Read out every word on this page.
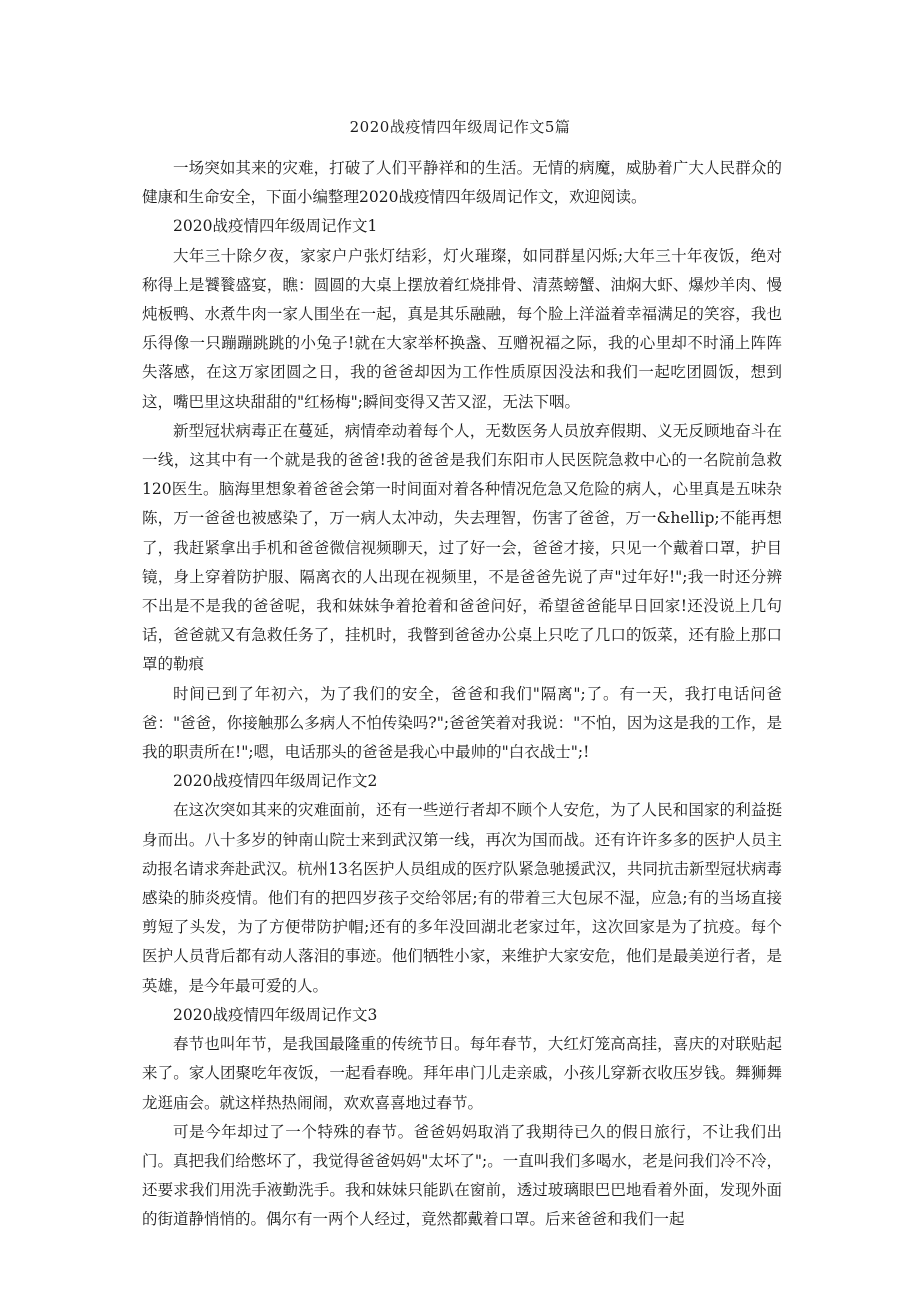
2020战疫情四年级周记作文5篇

一场突如其来的灾难，打破了人们平静祥和的生活。无情的病魔，威胁着广大人民群众的健康和生命安全，下面小编整理2020战疫情四年级周记作文，欢迎阅读。

2020战疫情四年级周记作文1

大年三十除夕夜，家家户户张灯结彩，灯火璀璨，如同群星闪烁;大年三十年夜饭，绝对称得上是饕餮盛宴，瞧：圆圆的大桌上摆放着红烧排骨、清蒸螃蟹、油焖大虾、爆炒羊肉、慢炖板鸭、水煮牛肉一家人围坐在一起，真是其乐融融，每个脸上洋溢着幸福满足的笑容，我也乐得像一只蹦蹦跳跳的小兔子!就在大家举杯换盏、互赠祝福之际，我的心里却不时涌上阵阵失落感，在这万家团圆之日，我的爸爸却因为工作性质原因没法和我们一起吃团圆饭，想到这，嘴巴里这块甜甜的"红杨梅";瞬间变得又苦又涩，无法下咽。

新型冠状病毒正在蔓延，病情牵动着每个人，无数医务人员放弃假期、义无反顾地奋斗在一线，这其中有一个就是我的爸爸!我的爸爸是我们东阳市人民医院急救中心的一名院前急救120医生。脑海里想象着爸爸会第一时间面对着各种情况危急又危险的病人，心里真是五味杂陈，万一爸爸也被感染了，万一病人太冲动，失去理智，伤害了爸爸，万一&hellip;不能再想了，我赶紧拿出手机和爸爸微信视频聊天，过了好一会，爸爸才接，只见一个戴着口罩，护目镜，身上穿着防护服、隔离衣的人出现在视频里，不是爸爸先说了声"过年好!";我一时还分辨不出是不是我的爸爸呢，我和妹妹争着抢着和爸爸问好，希望爸爸能早日回家!还没说上几句话，爸爸就又有急救任务了，挂机时，我瞥到爸爸办公桌上只吃了几口的饭菜，还有脸上那口罩的勒痕

时间已到了年初六，为了我们的安全，爸爸和我们"隔离";了。有一天，我打电话问爸爸："爸爸，你接触那么多病人不怕传染吗?";爸爸笑着对我说："不怕，因为这是我的工作，是我的职责所在!";嗯，电话那头的爸爸是我心中最帅的"白衣战士";!

2020战疫情四年级周记作文2

在这次突如其来的灾难面前，还有一些逆行者却不顾个人安危，为了人民和国家的利益挺身而出。八十多岁的钟南山院士来到武汉第一线，再次为国而战。还有许许多多的医护人员主动报名请求奔赴武汉。杭州13名医护人员组成的医疗队紧急驰援武汉，共同抗击新型冠状病毒感染的肺炎疫情。他们有的把四岁孩子交给邻居;有的带着三大包尿不湿，应急;有的当场直接剪短了头发，为了方便带防护帽;还有的多年没回湖北老家过年，这次回家是为了抗疫。每个医护人员背后都有动人落泪的事迹。他们牺牲小家，来维护大家安危，他们是最美逆行者，是英雄，是今年最可爱的人。

2020战疫情四年级周记作文3

春节也叫年节，是我国最隆重的传统节日。每年春节，大红灯笼高高挂，喜庆的对联贴起来了。家人团聚吃年夜饭，一起看春晚。拜年串门儿走亲戚，小孩儿穿新衣收压岁钱。舞狮舞龙逛庙会。就这样热热闹闹，欢欢喜喜地过春节。

可是今年却过了一个特殊的春节。爸爸妈妈取消了我期待已久的假日旅行，不让我们出门。真把我们给憋坏了，我觉得爸爸妈妈"太坏了";。一直叫我们多喝水，老是问我们冷不冷，还要求我们用洗手液勤洗手。我和妹妹只能趴在窗前，透过玻璃眼巴巴地看着外面，发现外面的街道静悄悄的。偶尔有一两个人经过，竟然都戴着口罩。后来爸爸和我们一起
